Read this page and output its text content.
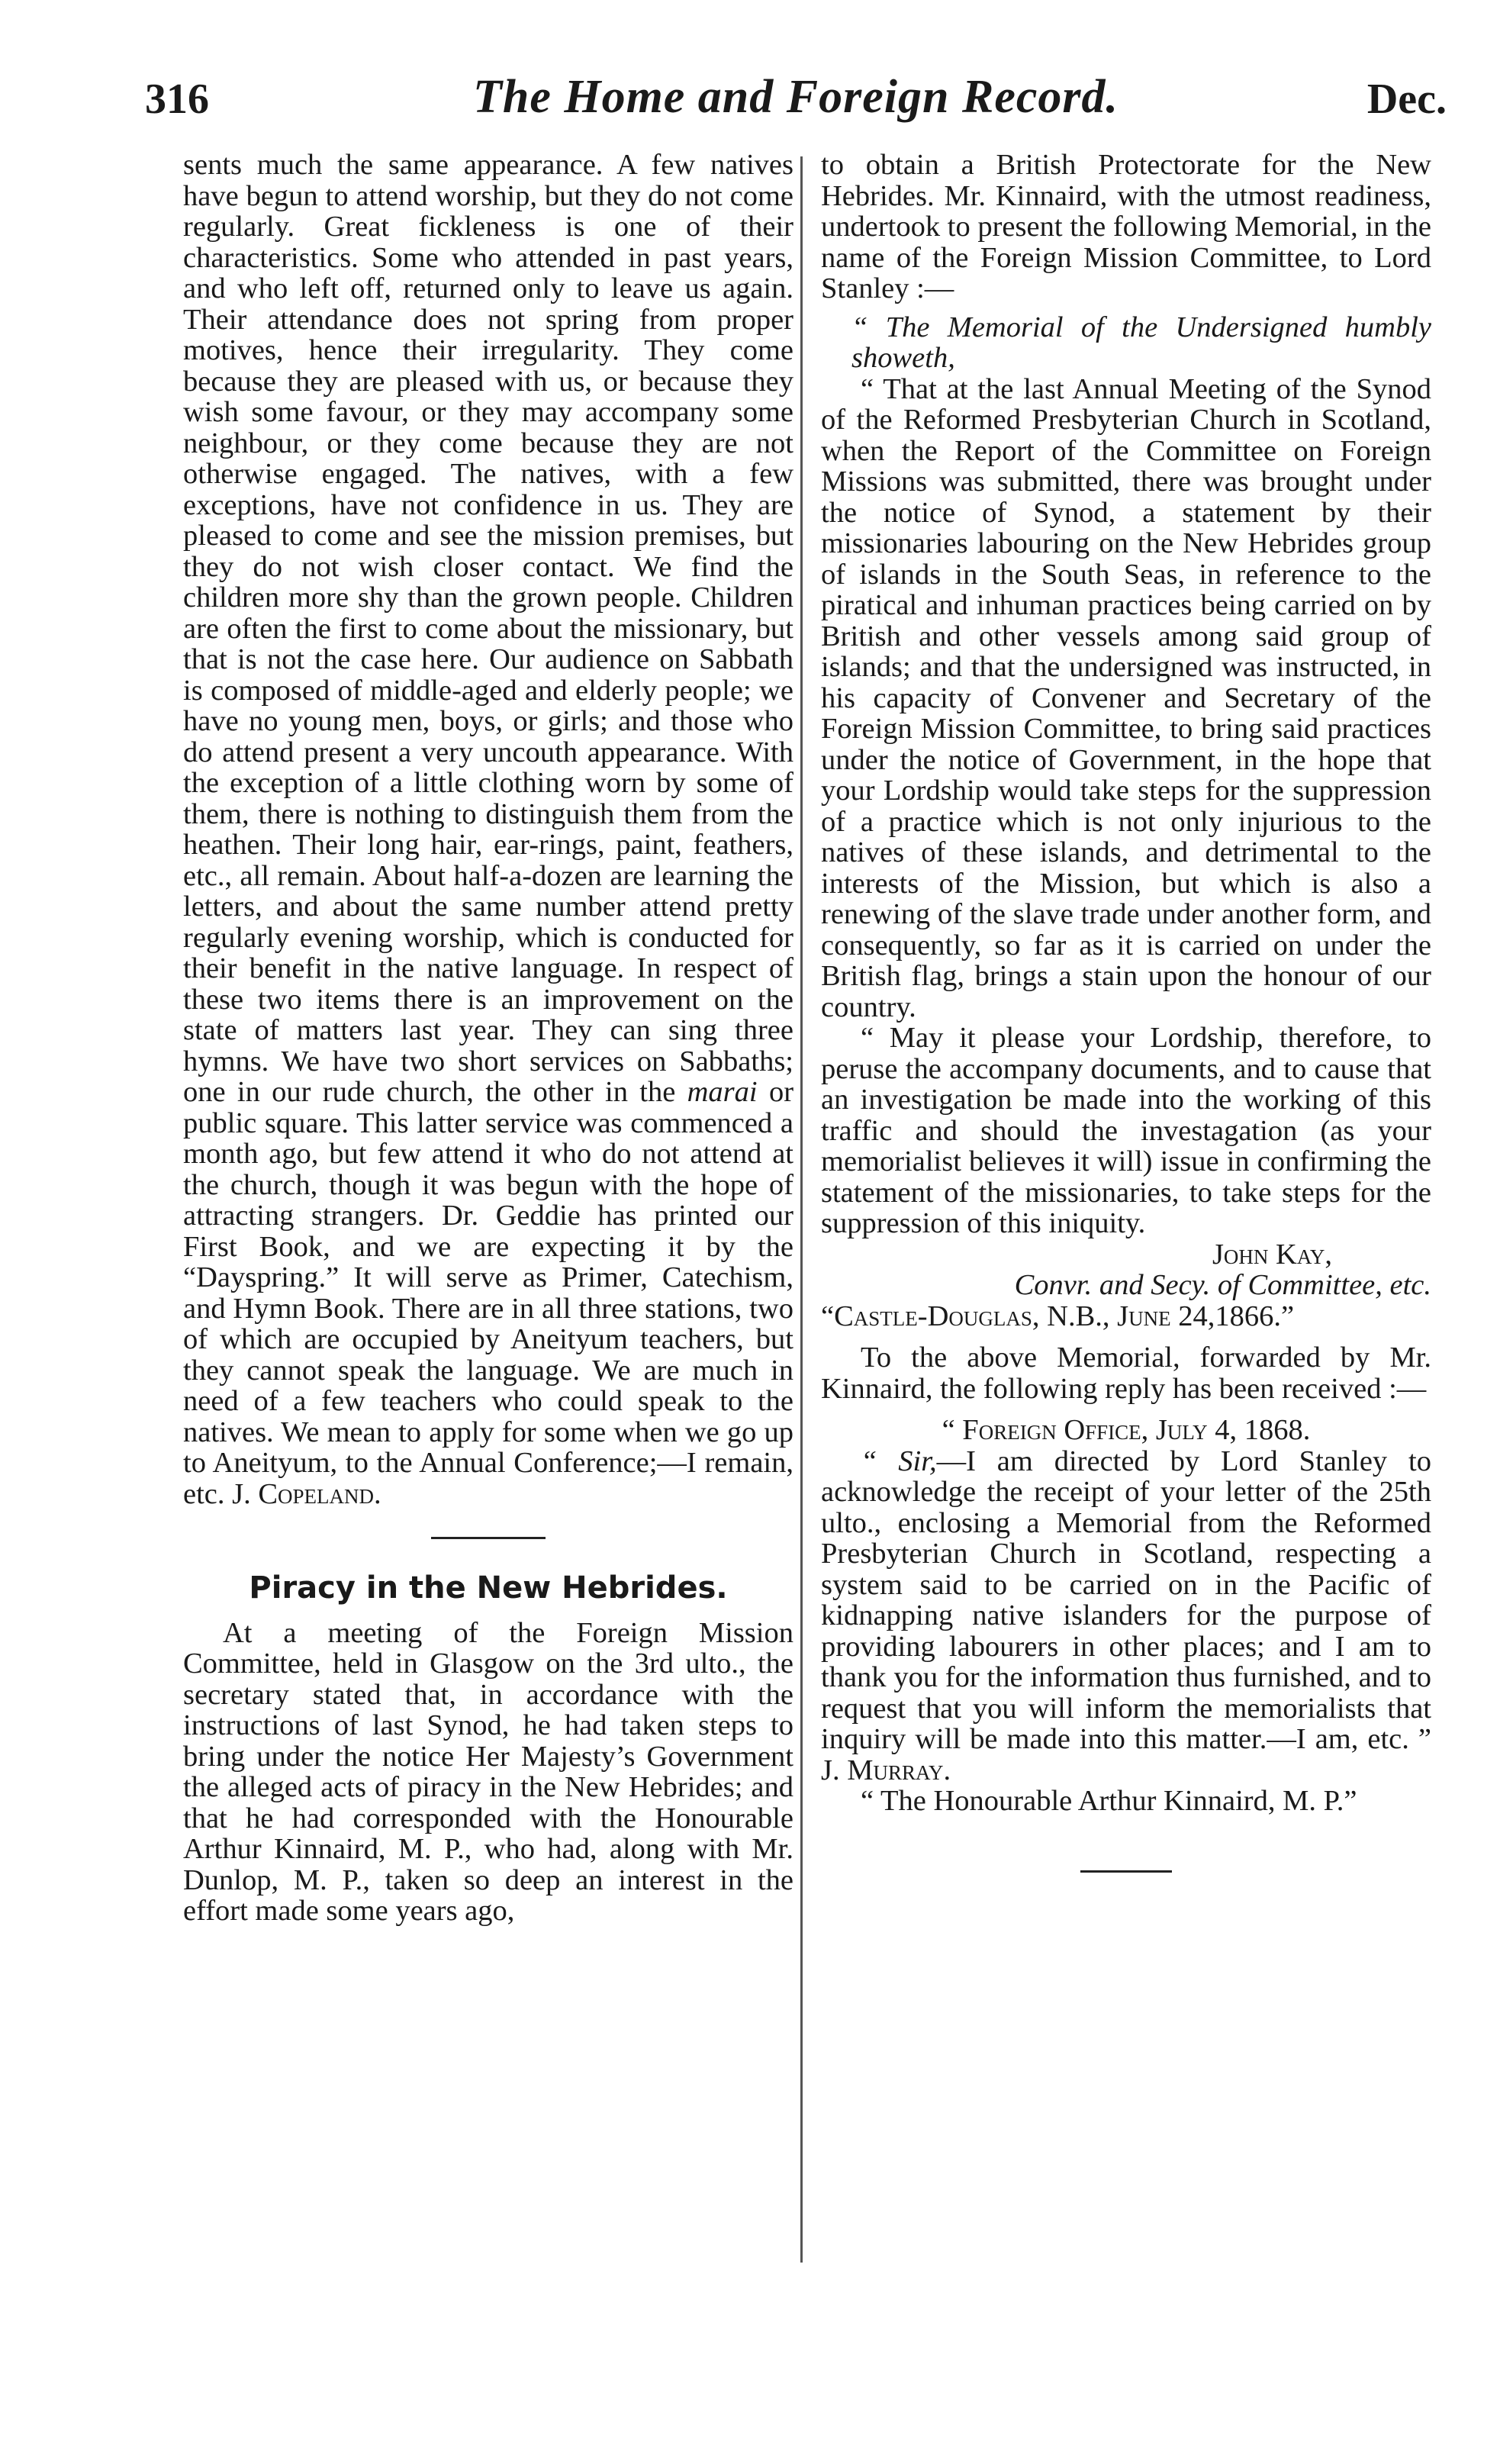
316	The Home and Foreign Record.	Dec.

sents much the same appearance. A few natives have begun to attend worship, but they do not come regularly. Great fickleness is one of their characteristics. Some who attended in past years, and who left off, returned only to leave us again. Their attendance does not spring from proper motives, hence their irregularity. They come because they are pleased with us, or because they wish some favour, or they may accompany some neighbour, or they come because they are not otherwise engaged. The natives, with a few exceptions, have not confidence in us. They are pleased to come and see the mission premises, but they do not wish closer contact. We find the children more shy than the grown people. Children are often the first to come about the missionary, but that is not the case here. Our audience on Sabbath is composed of middle-aged and elderly people; we have no young men, boys, or girls; and those who do attend present a very uncouth appearance. With the exception of a little clothing worn by some of them, there is nothing to distinguish them from the heathen. Their long hair, ear-rings, paint, feathers, etc., all remain. About half-a-dozen are learning the letters, and about the same number attend pretty regularly evening worship, which is conducted for their benefit in the native language. In respect of these two items there is an improvement on the state of matters last year. They can sing three hymns. We have two short services on Sabbaths; one in our rude church, the other in the marai or public square. This latter service was commenced a month ago, but few attend it who do not attend at the church, though it was begun with the hope of attracting strangers. Dr. Geddie has printed our First Book, and we are expecting it by the “Dayspring.” It will serve as Primer, Catechism, and Hymn Book. There are in all three stations, two of which are occupied by Aneityum teachers, but they cannot speak the language. We are much in need of a few teachers who could speak to the natives. We mean to apply for some when we go up to Aneityum, to the Annual Conference;—I remain, etc. J. Copeland.

Piracy in the New Hebrides.

At a meeting of the Foreign Mission Committee, held in Glasgow on the 3rd ulto., the secretary stated that, in accordance with the instructions of last Synod, he had taken steps to bring under the notice Her Majesty’s Government the alleged acts of piracy in the New Hebrides; and that he had corresponded with the Honourable Arthur Kinnaird, M. P., who had, along with Mr. Dunlop, M. P., taken so deep an interest in the effort made some years ago,

to obtain a British Protectorate for the New Hebrides. Mr. Kinnaird, with the utmost readiness, undertook to present the following Memorial, in the name of the Foreign Mission Committee, to Lord Stanley :—

“ The Memorial of the Undersigned humbly showeth,

“ That at the last Annual Meeting of the Synod of the Reformed Presbyterian Church in Scotland, when the Report of the Committee on Foreign Missions was submitted, there was brought under the notice of Synod, a statement by their missionaries labouring on the New Hebrides group of islands in the South Seas, in reference to the piratical and inhuman practices being carried on by British and other vessels among said group of islands; and that the undersigned was instructed, in his capacity of Convener and Secretary of the Foreign Mission Committee, to bring said practices under the notice of Government, in the hope that your Lordship would take steps for the suppression of a practice which is not only injurious to the natives of these islands, and detrimental to the interests of the Mission, but which is also a renewing of the slave trade under another form, and consequently, so far as it is carried on under the British flag, brings a stain upon the honour of our country.

“ May it please your Lordship, therefore, to peruse the accompany documents, and to cause that an investigation be made into the working of this traffic and should the investagation (as your memorialist believes it will) issue in confirming the statement of the missionaries, to take steps for the suppression of this iniquity.

John Kay,

Convr. and Secy. of Committee, etc.

“Castle-Douglas, N.B., June 24,1866.”

To the above Memorial, forwarded by Mr. Kinnaird, the following reply has been received :—

“ Foreign Office, July 4, 1868.

“ Sir,—I am directed by Lord Stanley to acknowledge the receipt of your letter of the 25th ulto., enclosing a Memorial from the Reformed Presbyterian Church in Scotland, respecting a system said to be carried on in the Pacific of kidnapping native islanders for the purpose of providing labourers in other places; and I am to thank you for the information thus furnished, and to request that you will inform the memorialists that inquiry will be made into this matter.—I am, etc. ” J. Murray.

“ The Honourable Arthur Kinnaird, M. P.”
